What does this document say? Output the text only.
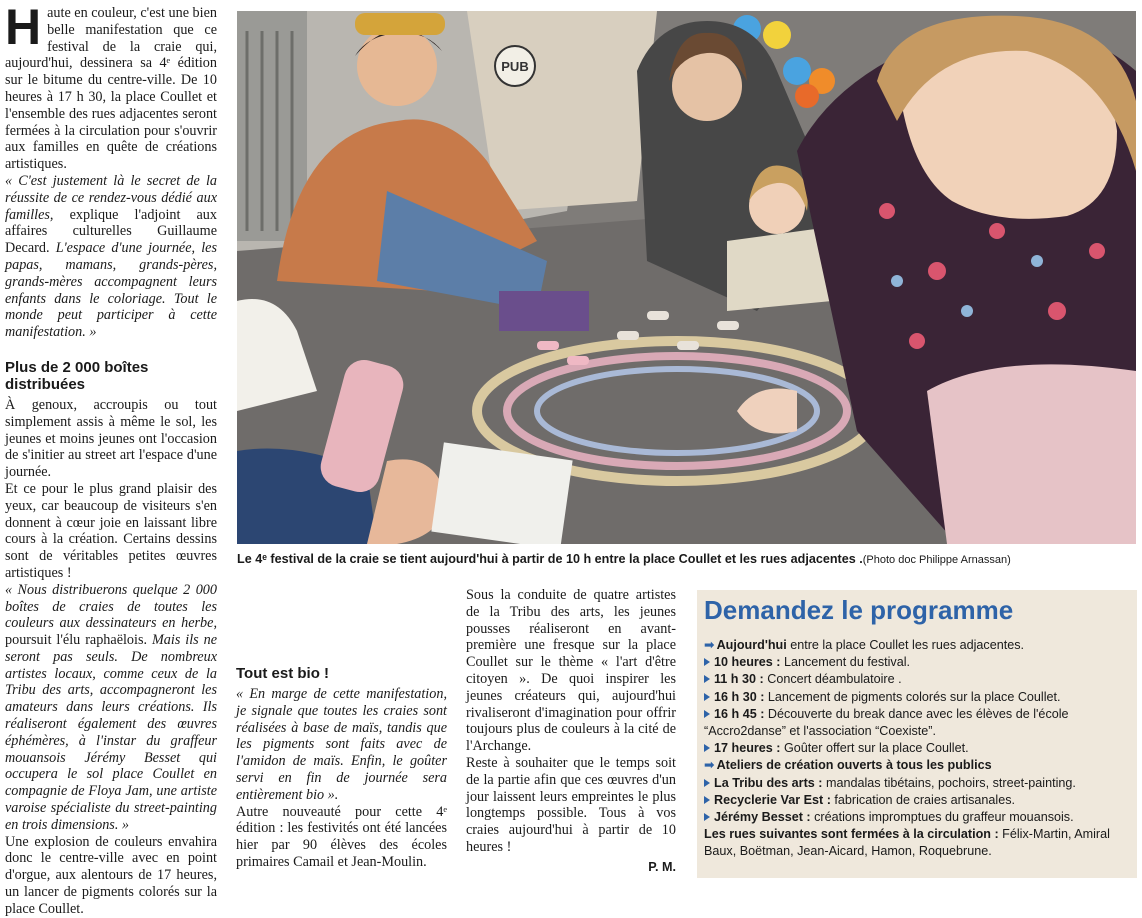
Haute en couleur, c'est une bien belle manifestation que ce festival de la craie qui, aujourd'hui, dessinera sa 4ᵉ édition sur le bitume du centre-ville. De 10 heures à 17 h 30, la place Coullet et l'ensemble des rues adjacentes seront fermées à la circulation pour s'ouvrir aux familles en quête de créations artistiques.

« C'est justement là le secret de la réussite de ce rendez-vous dédié aux familles, explique l'adjoint aux affaires culturelles Guillaume Decard. L'espace d'une journée, les papas, mamans, grands-pères, grands-mères accompagnent leurs enfants dans le coloriage. Tout le monde peut participer à cette manifestation. »

Plus de 2 000 boîtes distribuées

À genoux, accroupis ou tout simplement assis à même le sol, les jeunes et moins jeunes ont l'occasion de s'initier au street art l'espace d'une journée.

Et ce pour le plus grand plaisir des yeux, car beaucoup de visiteurs s'en donnent à cœur joie en laissant libre cours à la création. Certains dessins sont de véritables petites œuvres artistiques !

« Nous distribuerons quelque 2 000 boîtes de craies de toutes les couleurs aux dessinateurs en herbe, poursuit l'élu raphaëlois. Mais ils ne seront pas seuls. De nombreux artistes locaux, comme ceux de la Tribu des arts, accompagneront les amateurs dans leurs créations. Ils réaliseront également des œuvres éphémères, à l'instar du graffeur mouansois Jérémy Besset qui occupera le sol place Coullet en compagnie de Floya Jam, une artiste varoise spécialiste du street-painting en trois dimensions. »

Une explosion de couleurs envahira donc le centre-ville avec en point d'orgue, aux alentours de 17 heures, un lancer de pigments colorés sur la place Coullet.

PUB
Le 4ᵉ festival de la craie se tient aujourd'hui à partir de 10 h entre la place Coullet et les rues adjacentes .(Photo doc Philippe Arnassan)
Tout est bio !

« En marge de cette manifestation, je signale que toutes les craies sont réalisées à base de maïs, tandis que les pigments sont faits avec de l'amidon de maïs. Enfin, le goûter servi en fin de journée sera entièrement bio ».

Autre nouveauté pour cette 4ᵉ édition : les festivités ont été lancées hier par 90 élèves des écoles primaires Camail et Jean-Moulin.

Sous la conduite de quatre artistes de la Tribu des arts, les jeunes pousses réaliseront en avant-première une fresque sur la place Coullet sur le thème « l'art d'être citoyen ». De quoi inspirer les jeunes créateurs qui, aujourd'hui rivaliseront d'imagination pour offrir toujours plus de couleurs à la cité de l'Archange.

Reste à souhaiter que le temps soit de la partie afin que ces œuvres d'un jour laissent leurs empreintes le plus longtemps possible. Tous à vos craies aujourd'hui à partir de 10 heures !

P. M.
Demandez le programme
➡ Aujourd'hui entre la place Coullet les rues adjacentes.
10 heures : Lancement du festival.
11 h 30 : Concert déambulatoire .
16 h 30 : Lancement de pigments colorés sur la place Coullet.
16 h 45 : Découverte du break dance avec les élèves de l'école “Accro2danse” et l'association “Coexiste”.
17 heures : Goûter offert sur la place Coullet.
➡ Ateliers de création ouverts à tous les publics
La Tribu des arts : mandalas tibétains, pochoirs, street-painting.
Recyclerie Var Est : fabrication de craies artisanales.
Jérémy Besset : créations impromptues du graffeur mouansois.
Les rues suivantes sont fermées à la circulation : Félix-Martin, Amiral Baux, Boëtman, Jean-Aicard, Hamon, Roquebrune.
